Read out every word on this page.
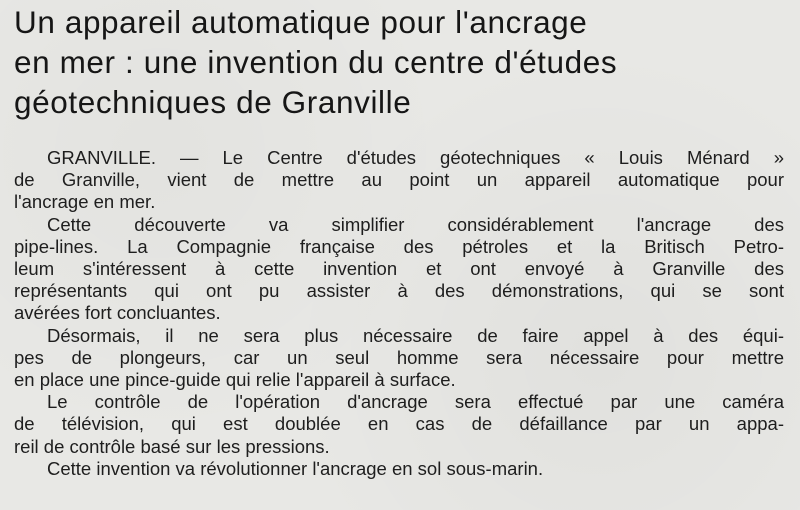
Un appareil automatique pour l'ancrage
en mer : une invention du centre d'études
géotechniques de Granville

GRANVILLE. — Le Centre d'études géotechniques « Louis Ménard »
de Granville, vient de mettre au point un appareil automatique pour
l'ancrage en mer.

Cette découverte va simplifier considérablement l'ancrage des
pipe-lines. La Compagnie française des pétroles et la Britisch Petro-
leum s'intéressent à cette invention et ont envoyé à Granville des
représentants qui ont pu assister à des démonstrations, qui se sont
avérées fort concluantes.

Désormais, il ne sera plus nécessaire de faire appel à des équi-
pes de plongeurs, car un seul homme sera nécessaire pour mettre
en place une pince-guide qui relie l'appareil à surface.

Le contrôle de l'opération d'ancrage sera effectué par une caméra
de télévision, qui est doublée en cas de défaillance par un appa-
reil de contrôle basé sur les pressions.

Cette invention va révolutionner l'ancrage en sol sous-marin.
